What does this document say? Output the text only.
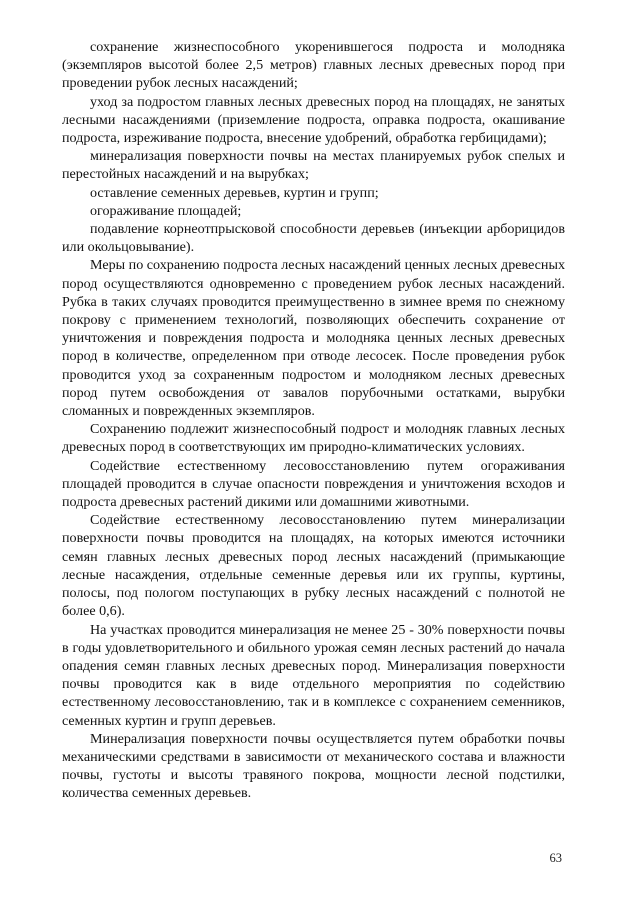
сохранение жизнеспособного укоренившегося подроста и молодняка (экземпляров высотой более 2,5 метров) главных лесных древесных пород при проведении рубок лесных насаждений;

уход за подростом главных лесных древесных пород на площадях, не занятых лесными насаждениями (приземление подроста, оправка подроста, окашивание подроста, изреживание подроста, внесение удобрений, обработка гербицидами);

минерализация поверхности почвы на местах планируемых рубок спелых и перестойных насаждений и на вырубках;

оставление семенных деревьев, куртин и групп;

огораживание площадей;

подавление корнеотпрысковой способности деревьев (инъекции арборицидов или окольцовывание).

Меры по сохранению подроста лесных насаждений ценных лесных древесных пород осуществляются одновременно с проведением рубок лесных насаждений. Рубка в таких случаях проводится преимущественно в зимнее время по снежному покрову с применением технологий, позволяющих обеспечить сохранение от уничтожения и повреждения подроста и молодняка ценных лесных древесных пород в количестве, определенном при отводе лесосек. После проведения рубок проводится уход за сохраненным подростом и молодняком лесных древесных пород путем освобождения от завалов порубочными остатками, вырубки сломанных и поврежденных экземпляров.

Сохранению подлежит жизнеспособный подрост и молодняк главных лесных древесных пород в соответствующих им природно-климатических условиях.

Содействие естественному лесовосстановлению путем огораживания площадей проводится в случае опасности повреждения и уничтожения всходов и подроста древесных растений дикими или домашними животными.

Содействие естественному лесовосстановлению путем минерализации поверхности почвы проводится на площадях, на которых имеются источники семян главных лесных древесных пород лесных насаждений (примыкающие лесные насаждения, отдельные семенные деревья или их группы, куртины, полосы, под пологом поступающих в рубку лесных насаждений с полнотой не более 0,6).

На участках проводится минерализация не менее 25 - 30% поверхности почвы в годы удовлетворительного и обильного урожая семян лесных растений до начала опадения семян главных лесных древесных пород. Минерализация поверхности почвы проводится как в виде отдельного мероприятия по содействию естественному лесовосстановлению, так и в комплексе с сохранением семенников, семенных куртин и групп деревьев.

Минерализация поверхности почвы осуществляется путем обработки почвы механическими средствами в зависимости от механического состава и влажности почвы, густоты и высоты травяного покрова, мощности лесной подстилки, количества семенных деревьев.

63
